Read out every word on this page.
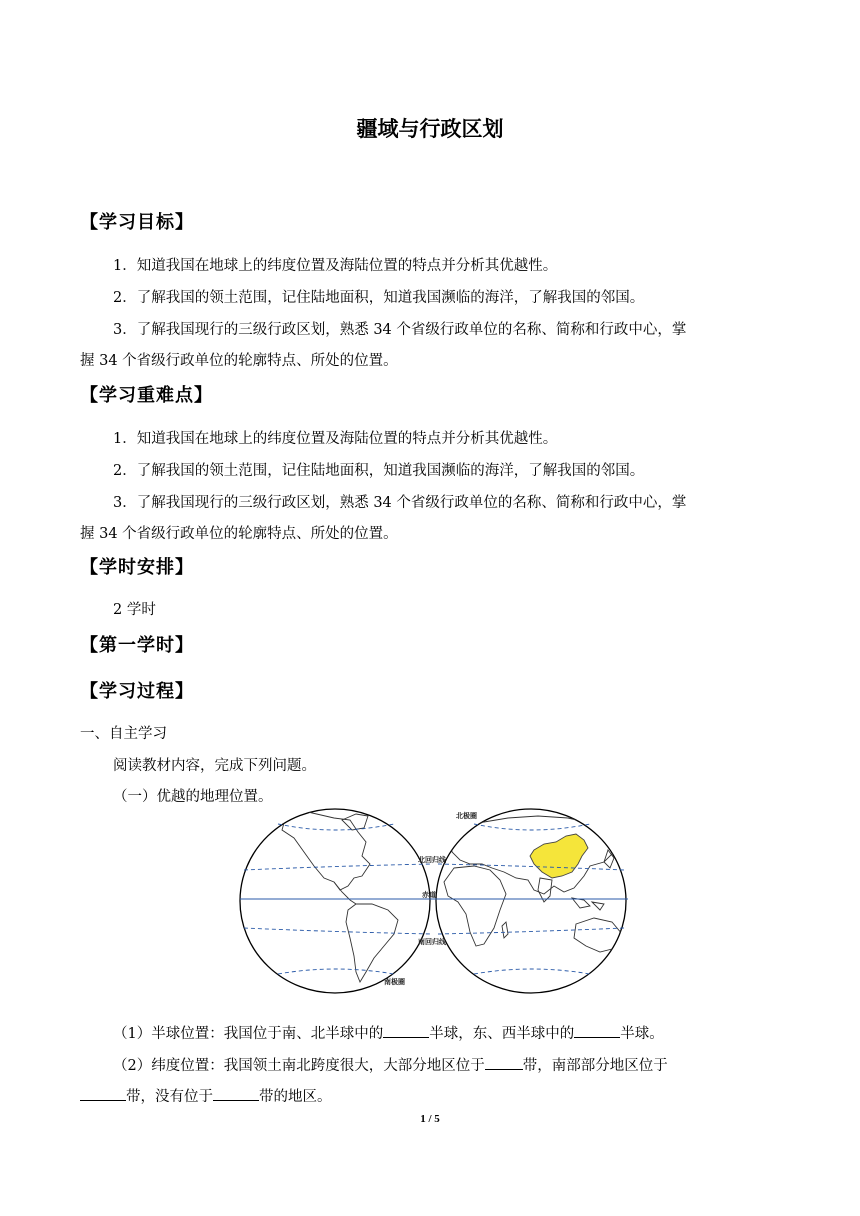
疆域与行政区划
【学习目标】
1．知道我国在地球上的纬度位置及海陆位置的特点并分析其优越性。
2．了解我国的领土范围，记住陆地面积，知道我国濒临的海洋，了解我国的邻国。
3．了解我国现行的三级行政区划，熟悉 34 个省级行政单位的名称、简称和行政中心，掌
握 34 个省级行政单位的轮廓特点、所处的位置。
【学习重难点】
1．知道我国在地球上的纬度位置及海陆位置的特点并分析其优越性。
2．了解我国的领土范围，记住陆地面积，知道我国濒临的海洋，了解我国的邻国。
3．了解我国现行的三级行政区划，熟悉 34 个省级行政单位的名称、简称和行政中心，掌
握 34 个省级行政单位的轮廓特点、所处的位置。
【学时安排】
2 学时
【第一学时】
【学习过程】
一、自主学习
阅读教材内容，完成下列问题。
（一）优越的地理位置。
北极圈
北回归线
赤道
南回归线
南极圈
（1）半球位置：我国位于南、北半球中的	半球，东、西半球中的	半球。
（2）纬度位置：我国领土南北跨度很大，大部分地区位于	带，南部部分地区位于
带，没有位于	带的地区。
1 / 5
